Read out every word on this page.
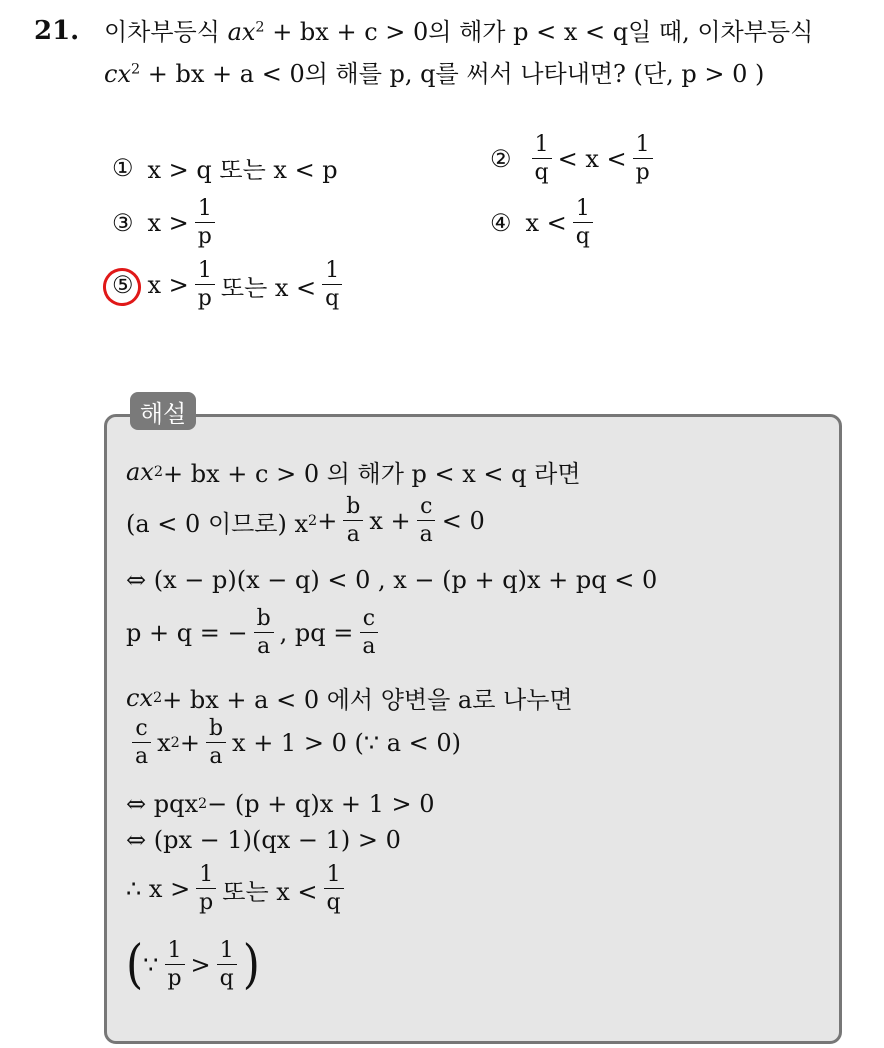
21. 이차부등식 $ax^2$ + bx + c > 0의 해가 p < x < q일 때, 이차부등식
$cx^2$ + bx + a < 0의 해를 p, q를 써서 나타내면? (단, p > 0 )
① x > q 또는 x < p	② $\frac{1}{q} < x < \frac{1}{p}$
③ $x > \frac{1}{p}$	④ $x < \frac{1}{q}$
⑤ $x > \frac{1}{p}$ 또는 $x < \frac{1}{q}$
해설
ax 2 + bx + c > 0 의 해가 p < x < q 라면
(a < 0 이므로) x $2 + \frac{b}{a}$ $x + \frac{c}{a} < 0$
⇔ (x − p)(x − q) < 0 , x − (p + q)x + pq < 0
p + q = − $\frac{b}{a}$ , pq = $\frac{c}{a}$
cx 2 + bx + a < 0 에서 양변을 a로 나누면
$\frac{c}{a}$ x $2 + \frac{b}{a}$ x + 1 > 0 (∵ a < 0)
⇔ pqx 2 − (p + q)x + 1 > 0
⇔ (px − 1)(qx − 1) > 0
∴ $x > \frac{1}{p}$ 또는 $x < \frac{1}{q}$
( ∵ $\frac{1}{p} > \frac{1}{q}$ )
